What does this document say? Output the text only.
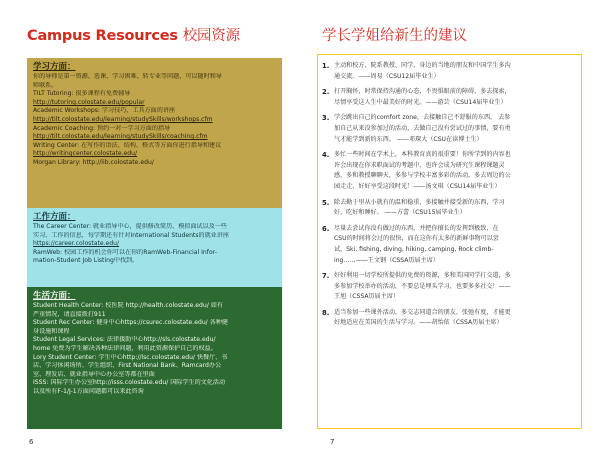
Campus Resources 校园资源
学习方面：
你的导师是第一资源。选课、学习困难、转专业等问题，可以随时和导
师联系。
TILT Tutoring: 很多课程有免费辅导
http://tutoring.colostate.edu/popular
Academic Workshops: 学习技巧，工具方面的讲座
http://tilt.colostate.edu/learning/studySkills/workshops.cfm
Academic Coaching: 预约一对一学习方面的指导
http://tilt.colostate.edu/learning/studySkills/coaching.cfm
Writing Center: 在写作的语法、结构、格式等方面你进行指导和建议
http://writingcenter.colostate.edu/
Morgan Library: http://lib.colostate.edu/
工作方面：
The Career Center: 就业指导中心，提供修改简历、模拟面试以及一些
实习、工作的信息，每学期还有针对International Students的就业讲座
https://career.colostate.edu/
RamWeb: 校园工作的机会你可以在你的RamWeb-Financial Infor-
mation-Student Job Listing中找到。
生活方面：
Student Health Center: 校医院 http://health.colostate.edu/ 如有
严重情况，请直接拨打911
Student Rec Center: 健身中心https://csurec.colostate.edu/ 各种健
身设施和课程
Student Legal Services: 法律援助中心http://sls.colostate.edu/
home 免费为学生解决各种法律问题，利用此资源保护自己的权益。
Lory Student Center: 学生中心http://lsc.colostate.edu/ 快餐厅、书
店、学习休闲场所、学生组织、First National Bank、Ramcard办公
室、理发店、就业指导中心办公室等都在里面
ISSS: 国际学生办公室http://isss.colostate.edu/ 国际学生的文化活动
以及所有F-1/J-1方面问题都可以来此咨询
6
学长学姐给新生的建议
1. 主动和校方、院系教授、同学、身边的当地的朋友和中国学生多沟
通交流。——周易（CSU12届毕业生）
2. 打开胸怀，时常保持沟通的心态，不畏惧眼前的障碍，多去探索，
尽情享受这人生中最美好的时光。——游芸（CSU14届毕业生）
3. 学会跳出自己的comfort zone，去接触自己不舒服的东西。 去参
加自己从来没参加过的活动，去做自己没有尝试过的事情，要有勇
气才能学到新的东西。 ——邓琛大（CSU在读博士生）
4. 多忙一些时间在学术上，本科教育真的很重要！你所学到的内容也
许会出现在你求职面试的考题中，也许会成为研究生课程课题灵
感，多和教授聊聊天，多参与学校丰富多彩的活动，多去周边的公
园走走，好好享受这段时光！——汤文琪（CSU14届毕业生）
5. 除去勤于里从小就有的温和稳重，多接触并接受新的东西，学习
好，吃好和睡好。 ——方蕾（CSU15届毕业生）
6. 尽量去尝试你没有做过的东西，并把你擅长的发挥到极致，在
CSU的时间将会过的很快，而在这你有太多的新鲜事物可以尝
试，Ski, fishing, diving, hiking, camping, Rock climb-
ing……——王文钢（CSSA历届主席）
7. 好好利用一切学校所提供的免费的资源，多和美国同学打交道，多
多参加学校举办的活动，不要总是埋头学习，也要多多社交！——
王旭（CSSA历届主席）
8. 适当参加一些课外活动，多交志同道合的朋友，张弛有度，才能更
好地适应在美国的生活与学习。——胡怡依（CSSA历届主席）
7
